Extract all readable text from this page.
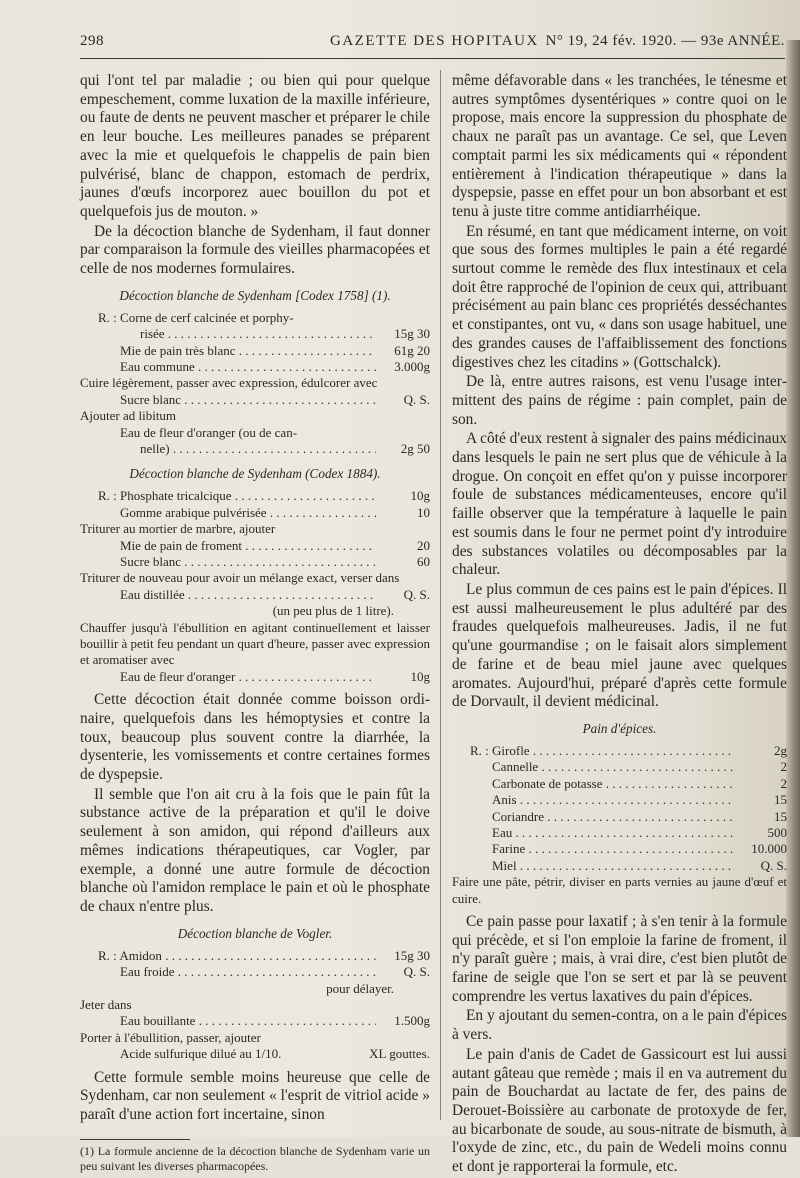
298	GAZETTE DES HOPITAUX N° 19, 24 fév. 1920. — 93e ANNÉE.

qui l'ont tel par maladie ; ou bien qui pour quelque empeschement, comme luxation de la maxille inférieure, ou faute de dents ne peuvent mascher et préparer le chile en leur bouche. Les meilleures panades se préparent avec la mie et quelquefois le chappelis de pain bien pulvérisé, blanc de chappon, estomach de perdrix, jaunes d'œufs incorporez auec bouillon du pot et quelquefois jus de mouton. »

De la décoction blanche de Sydenham, il faut donner par comparaison la formule des vieilles pharmacopées et celle de nos modernes formulaires.

Décoction blanche de Sydenham [Codex 1758] (1).
R. : Corne de cerf calcinée et porphy-
risée . . .	15g 30
Mie de pain très blanc . . .	61g 20
Eau commune . . .	3.000g
Cuire légèrement, passer avec expression, édulcorer avec
Sucre blanc . . .	Q. S.
Ajouter ad libitum
Eau de fleur d'oranger (ou de can-
nelle) . . .	2g 50
Décoction blanche de Sydenham (Codex 1884).
R. : Phosphate tricalcique . . .	10g
Gomme arabique pulvérisée . . .	10
Triturer au mortier de marbre, ajouter
Mie de pain de froment . . .	20
Sucre blanc . . .	60
Triturer de nouveau pour avoir un mélange exact, verser dans
Eau distillée . . .	Q. S.
(un peu plus de 1 litre).
Chauffer jusqu'à l'ébullition en agitant continuellement et laisser bouillir à petit feu pendant un quart d'heure, passer avec expression et aromatiser avec
Eau de fleur d'oranger . . .	10g

Cette décoction était donnée comme boisson ordinaire, quelquefois dans les hémoptysies et contre la toux, beaucoup plus souvent contre la diarrhée, la dysenterie, les vomissements et contre certaines formes de dyspepsie.

Il semble que l'on ait cru à la fois que le pain fût la substance active de la préparation et qu'il le doive seulement à son amidon, qui répond d'ailleurs aux mêmes indications thérapeutiques, car Vogler, par exemple, a donné une autre formule de décoction blanche où l'amidon remplace le pain et où le phosphate de chaux n'entre plus.

Décoction blanche de Vogler.
R. : Amidon . . .	15g 30
Eau froide . . .	Q. S.
pour délayer.
Jeter dans
Eau bouillante . . .	1.500g
Porter à l'ébullition, passer, ajouter
Acide sulfurique dilué au 1/10.	XL gouttes.

Cette formule semble moins heureuse que celle de Sydenham, car non seulement « l'esprit de vitriol acide » paraît d'une action fort incertaine, sinon

(1) La formule ancienne de la décoction blanche de Sydenham varie un peu suivant les diverses pharmacopées.

même défavorable dans « les tranchées, le ténesme et autres symptômes dysentériques » contre quoi on le propose, mais encore la suppression du phosphate de chaux ne paraît pas un avantage. Ce sel, que Leven comptait parmi les six médicaments qui « répondent entièrement à l'indication thérapeutique » dans la dyspepsie, passe en effet pour un bon absorbant et est tenu à juste titre comme antidiarrhéique.

En résumé, en tant que médicament interne, on voit que sous des formes multiples le pain a été regardé surtout comme le remède des flux intestinaux et cela doit être rapproché de l'opinion de ceux qui, attribuant précisément au pain blanc ces propriétés desséchantes et constipantes, ont vu, « dans son usage habituel, une des grandes causes de l'affaiblissement des fonctions digestives chez les citadins » (Gottschalck).

De là, entre autres raisons, est venu l'usage intermittent des pains de régime : pain complet, pain de son.

A côté d'eux restent à signaler des pains médicinaux dans lesquels le pain ne sert plus que de véhicule à la drogue. On conçoit en effet qu'on y puisse incorporer foule de substances médicamenteuses, encore qu'il faille observer que la température à laquelle le pain est soumis dans le four ne permet point d'y introduire des substances volatiles ou décomposables par la chaleur.

Le plus commun de ces pains est le pain d'épices. Il est aussi malheureusement le plus adultéré par des fraudes quelquefois malheureuses. Jadis, il ne fut qu'une gourmandise ; on le faisait alors simplement de farine et de beau miel jaune avec quelques aromates. Aujourd'hui, préparé d'après cette formule de Dorvault, il devient médicinal.

Pain d'épices.
R. : Girofle . . .	2g
Cannelle . . .	2
Carbonate de potasse . . .	2
Anis . . .	15
Coriandre . . .	15
Eau . . .	500
Farine . . .	10.000
Miel . . .	Q. S.
Faire une pâte, pétrir, diviser en parts vernies au jaune d'œuf et cuire.

Ce pain passe pour laxatif ; à s'en tenir à la formule qui précède, et si l'on emploie la farine de froment, il n'y paraît guère ; mais, à vrai dire, c'est bien plutôt de farine de seigle que l'on se sert et par là se peuvent comprendre les vertus laxatives du pain d'épices.

En y ajoutant du semen-contra, on a le pain d'épices à vers.

Le pain d'anis de Cadet de Gassicourt est lui aussi autant gâteau que remède ; mais il en va autrement du pain de Bouchardat au lactate de fer, des pains de Derouet-Boissière au carbonate de protoxyde de fer, au bicarbonate de soude, au sous-nitrate de bismuth, à l'oxyde de zinc, etc., du pain de Wedeli moins connu et dont je rapporterai la formule, etc.
